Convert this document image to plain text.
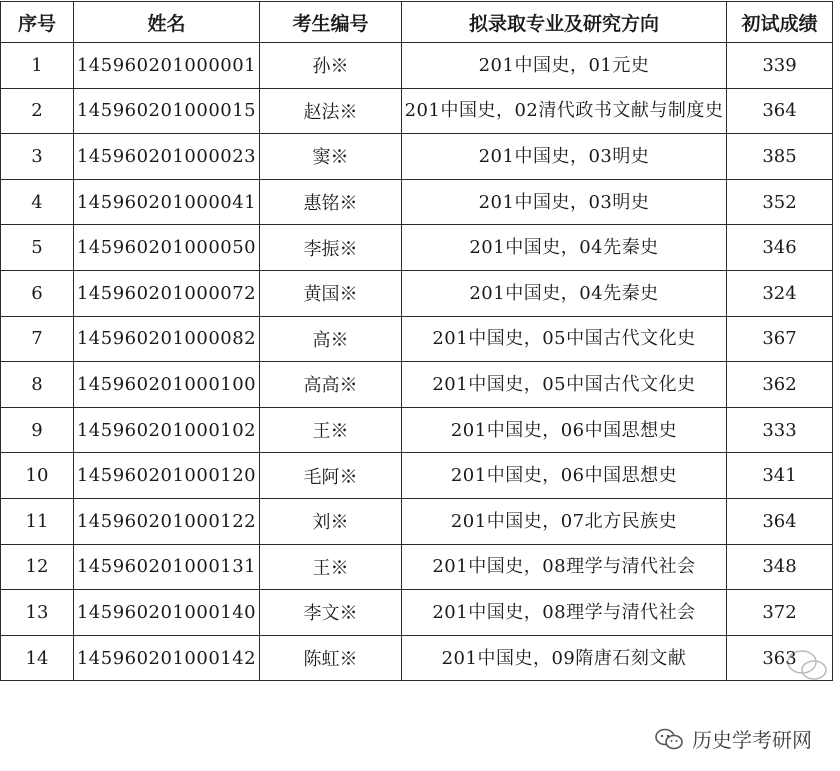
序号	姓名	考生编号	拟录取专业及研究方向	初试成绩
1	145960201000001	孙※	201中国史，01元史	339
2	145960201000015	赵法※	201中国史，02清代政书文献与制度史	364
3	145960201000023	窦※	201中国史，03明史	385
4	145960201000041	惠铭※	201中国史，03明史	352
5	145960201000050	李振※	201中国史，04先秦史	346
6	145960201000072	黄国※	201中国史，04先秦史	324
7	145960201000082	高※	201中国史，05中国古代文化史	367
8	145960201000100	高高※	201中国史，05中国古代文化史	362
9	145960201000102	王※	201中国史，06中国思想史	333
10	145960201000120	毛阿※	201中国史，06中国思想史	341
11	145960201000122	刘※	201中国史，07北方民族史	364
12	145960201000131	王※	201中国史，08理学与清代社会	348
13	145960201000140	李文※	201中国史，08理学与清代社会	372
14	145960201000142	陈虹※	201中国史，09隋唐石刻文献	363
历史学考研网
